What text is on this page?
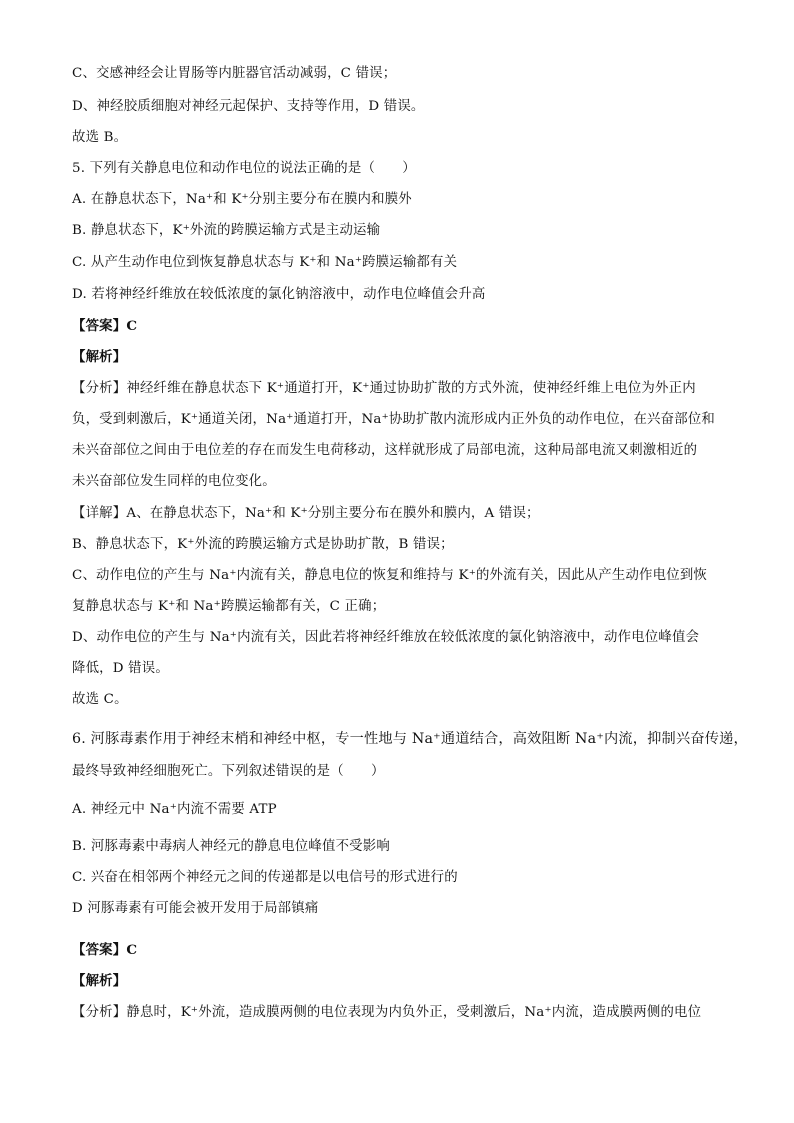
C、交感神经会让胃肠等内脏器官活动减弱，C 错误；
D、神经胶质细胞对神经元起保护、支持等作用，D 错误。
故选 B。
5. 下列有关静息电位和动作电位的说法正确的是（　　）
A. 在静息状态下，Na⁺和 K⁺分别主要分布在膜内和膜外
B. 静息状态下，K⁺外流的跨膜运输方式是主动运输
C. 从产生动作电位到恢复静息状态与 K⁺和 Na⁺跨膜运输都有关
D. 若将神经纤维放在较低浓度的氯化钠溶液中，动作电位峰值会升高
【答案】C
【解析】
【分析】神经纤维在静息状态下 K⁺通道打开，K⁺通过协助扩散的方式外流，使神经纤维上电位为外正内
负，受到刺激后，K⁺通道关闭，Na⁺通道打开，Na⁺协助扩散内流形成内正外负的动作电位，在兴奋部位和
未兴奋部位之间由于电位差的存在而发生电荷移动，这样就形成了局部电流，这种局部电流又刺激相近的
未兴奋部位发生同样的电位变化。
【详解】A、在静息状态下，Na⁺和 K⁺分别主要分布在膜外和膜内，A 错误；
B、静息状态下，K⁺外流的跨膜运输方式是协助扩散，B 错误；
C、动作电位的产生与 Na⁺内流有关，静息电位的恢复和维持与 K⁺的外流有关，因此从产生动作电位到恢
复静息状态与 K⁺和 Na⁺跨膜运输都有关，C 正确；
D、动作电位的产生与 Na⁺内流有关，因此若将神经纤维放在较低浓度的氯化钠溶液中，动作电位峰值会
降低，D 错误。
故选 C。
6. 河豚毒素作用于神经末梢和神经中枢，专一性地与 Na⁺通道结合，高效阻断 Na⁺内流，抑制兴奋传递，
最终导致神经细胞死亡。下列叙述错误的是（　　）
A. 神经元中 Na⁺内流不需要 ATP
B. 河豚毒素中毒病人神经元的静息电位峰值不受影响
C. 兴奋在相邻两个神经元之间的传递都是以电信号的形式进行的
D 河豚毒素有可能会被开发用于局部镇痛
【答案】C
【解析】
【分析】静息时，K⁺外流，造成膜两侧的电位表现为内负外正，受刺激后，Na⁺内流，造成膜两侧的电位
